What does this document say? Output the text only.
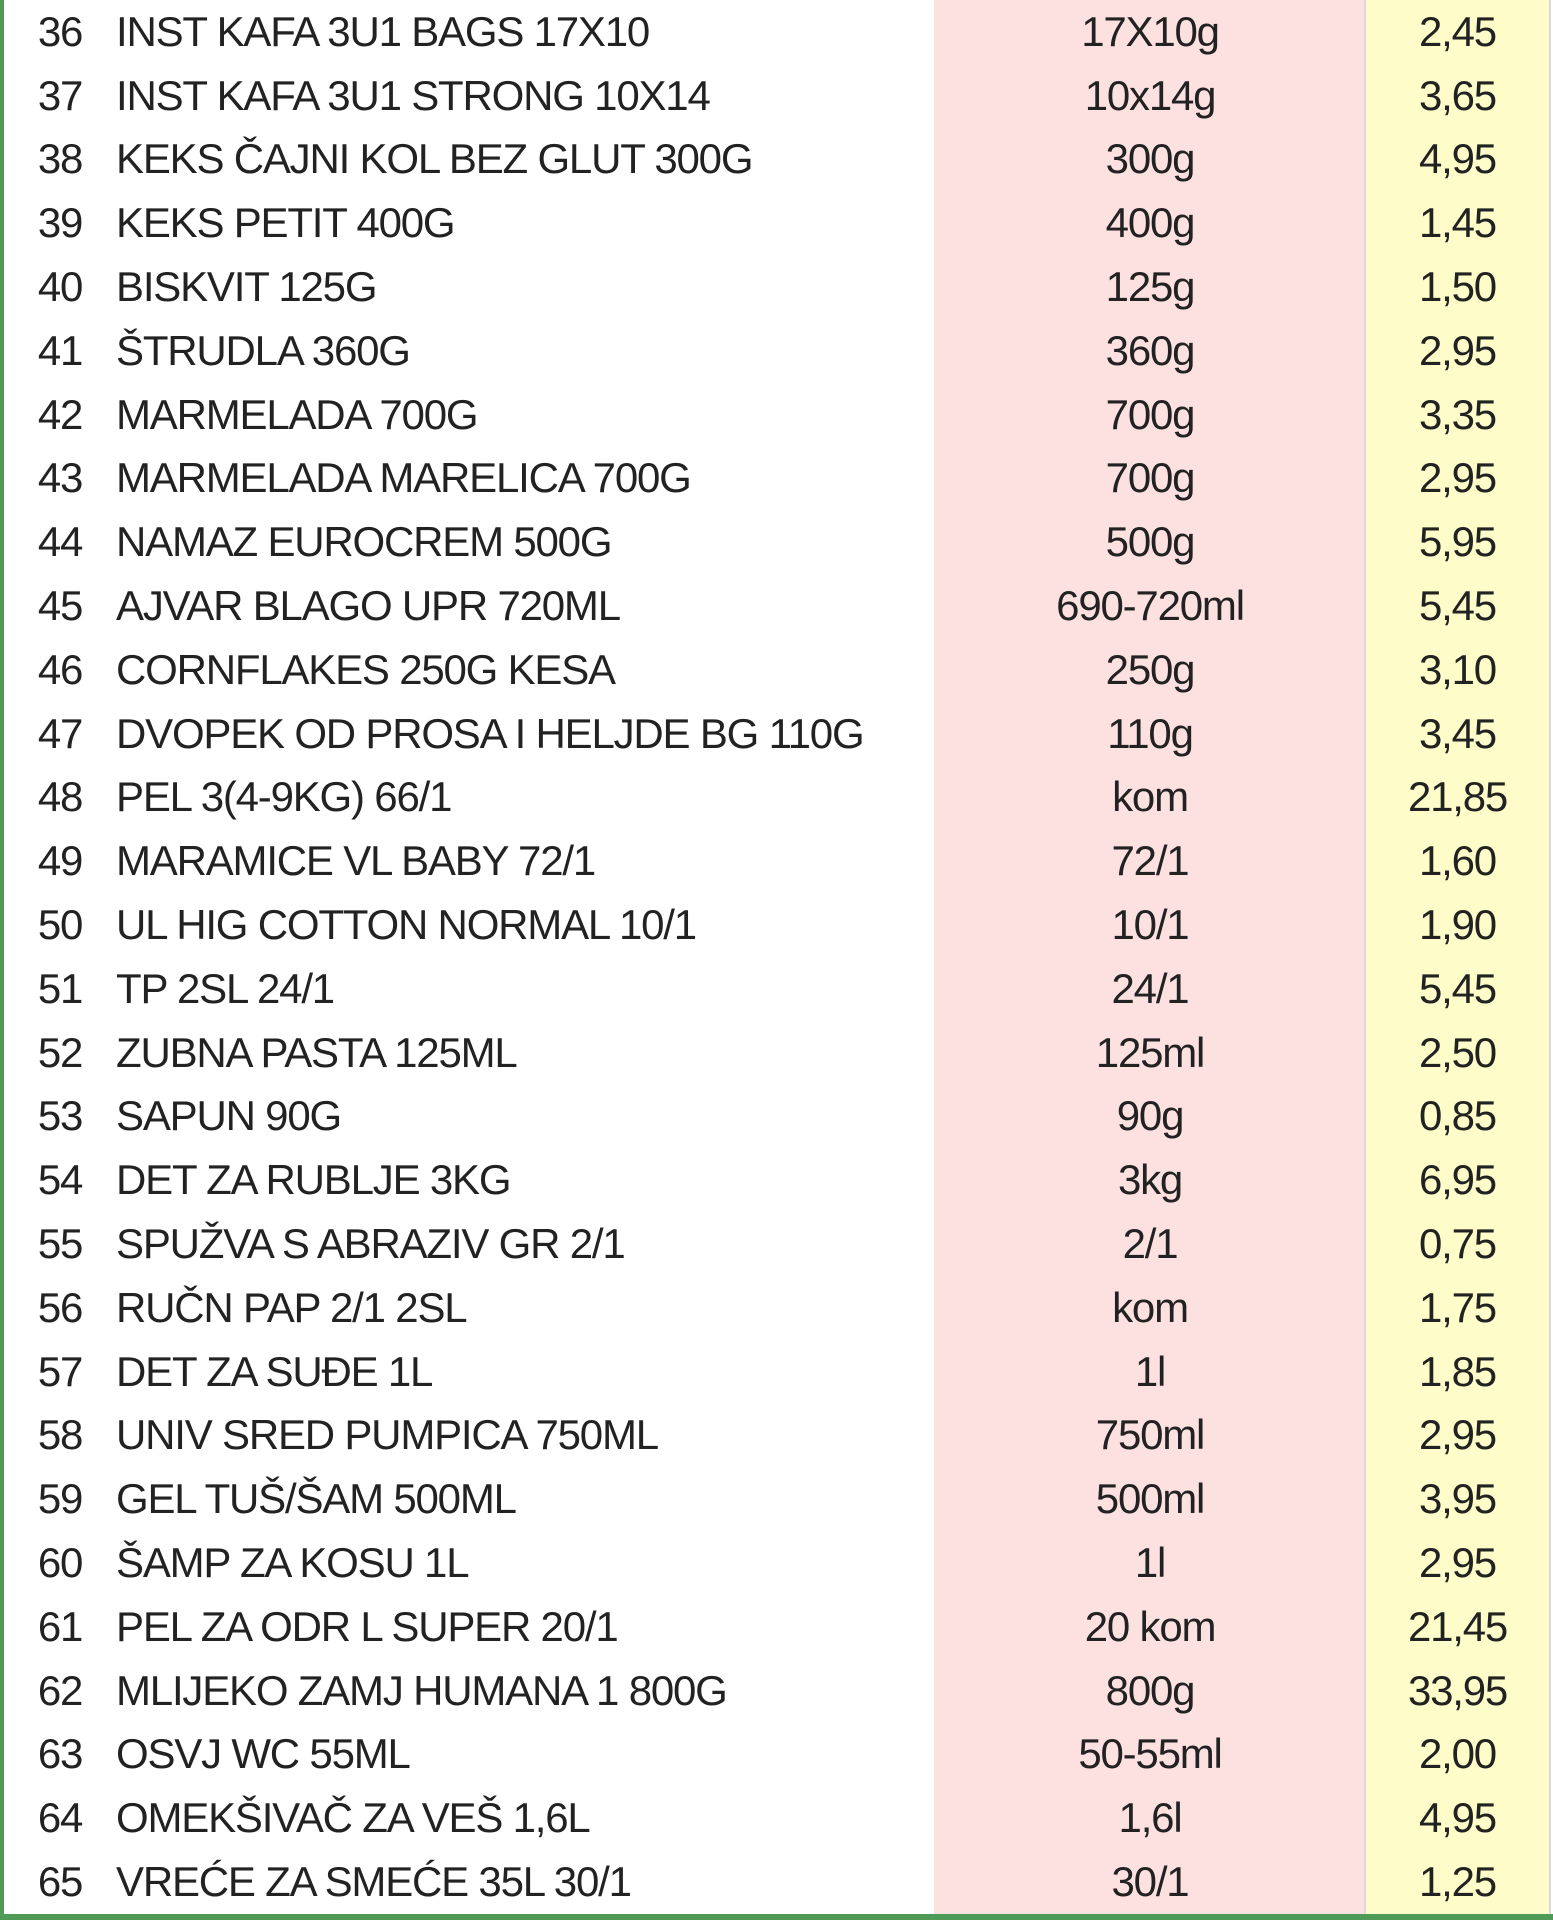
36 INST KAFA 3U1 BAGS 17X10	17X10g	2,45
37 INST KAFA 3U1 STRONG 10X14	10x14g	3,65
38 KEKS ČAJNI KOL BEZ GLUT 300G	300g	4,95
39 KEKS PETIT 400G	400g	1,45
40 BISKVIT 125G	125g	1,50
41 ŠTRUDLA 360G	360g	2,95
42 MARMELADA 700G	700g	3,35
43 MARMELADA MARELICA 700G	700g	2,95
44 NAMAZ EUROCREM 500G	500g	5,95
45 AJVAR BLAGO UPR 720ML	690-720ml	5,45
46 CORNFLAKES 250G KESA	250g	3,10
47 DVOPEK OD PROSA I HELJDE BG 110G	110g	3,45
48 PEL 3(4-9KG) 66/1	kom	21,85
49 MARAMICE VL BABY 72/1	72/1	1,60
50 UL HIG COTTON NORMAL 10/1	10/1	1,90
51 TP 2SL 24/1	24/1	5,45
52 ZUBNA PASTA 125ML	125ml	2,50
53 SAPUN 90G	90g	0,85
54 DET ZA RUBLJE 3KG	3kg	6,95
55 SPUŽVA S ABRAZIV GR 2/1	2/1	0,75
56 RUČN PAP 2/1 2SL	kom	1,75
57 DET ZA SUĐE 1L	1l	1,85
58 UNIV SRED PUMPICA 750ML	750ml	2,95
59 GEL TUŠ/ŠAM 500ML	500ml	3,95
60 ŠAMP ZA KOSU 1L	1l	2,95
61 PEL ZA ODR L SUPER 20/1	20 kom	21,45
62 MLIJEKO ZAMJ HUMANA 1 800G	800g	33,95
63 OSVJ WC 55ML	50-55ml	2,00
64 OMEKŠIVAČ ZA VEŠ 1,6L	1,6l	4,95
65 VREĆE ZA SMEĆE 35L 30/1	30/1	1,25
